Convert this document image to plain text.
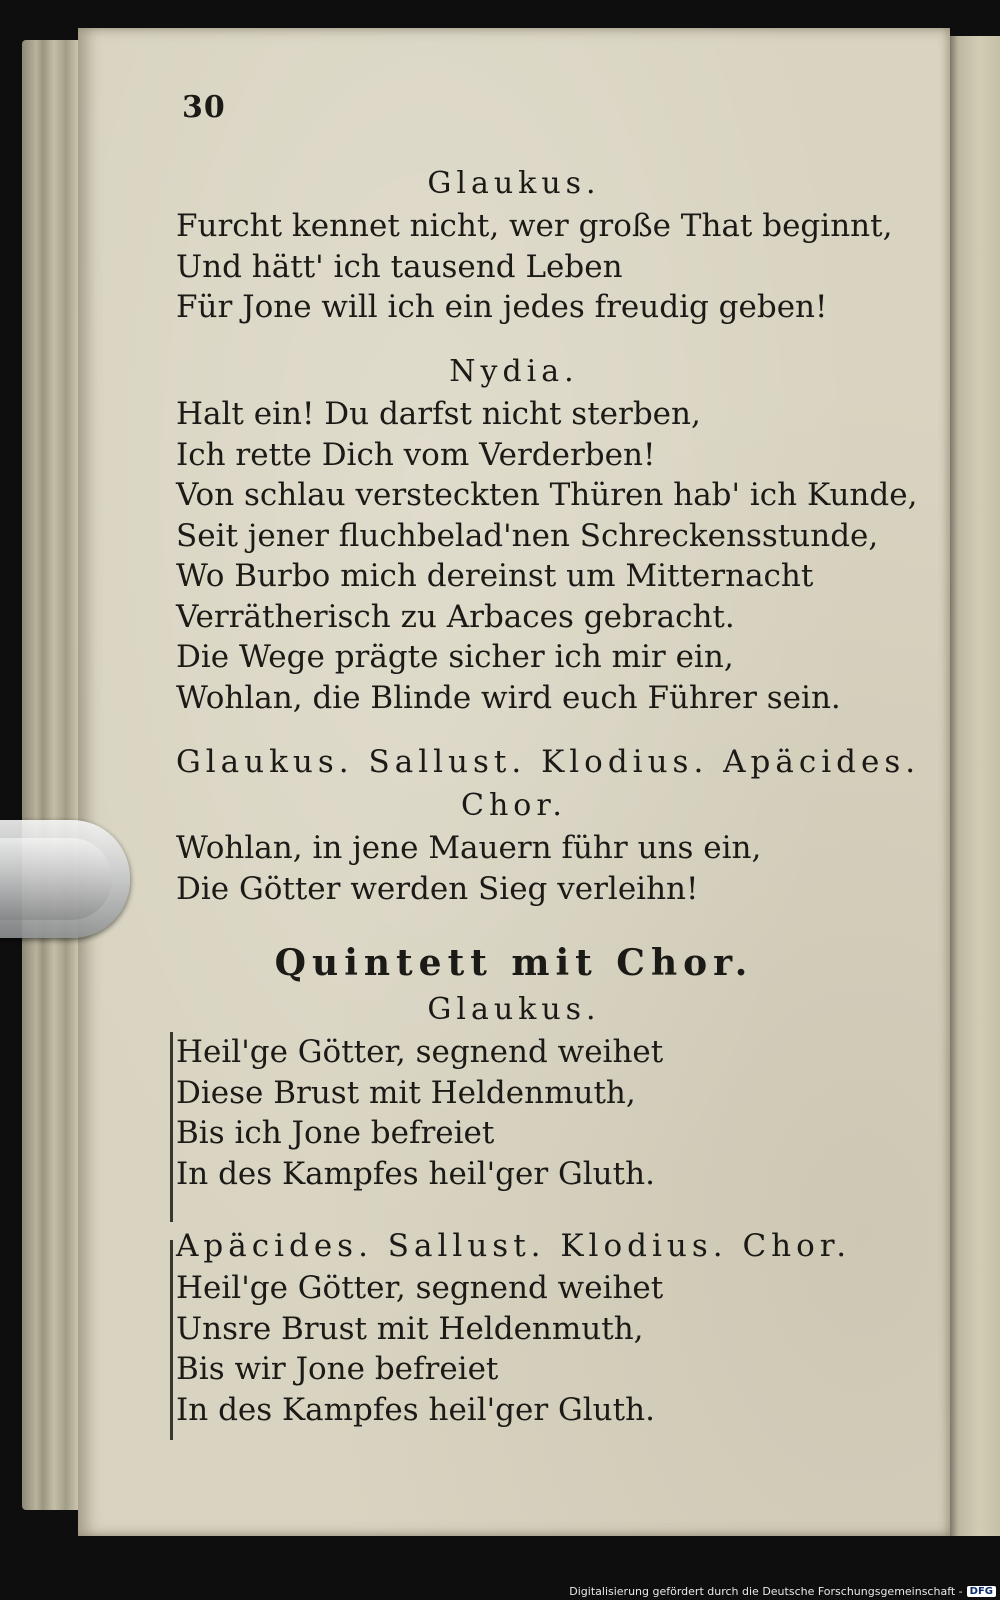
30
Glaukus.
Furcht kennet nicht, wer große That beginnt,
Und hätt' ich tausend Leben
Für Jone will ich ein jedes freudig geben!
Nydia.
Halt ein! Du darfst nicht sterben,
Ich rette Dich vom Verderben!
Von schlau versteckten Thüren hab' ich Kunde,
Seit jener fluchbelad'nen Schreckensstunde,
Wo Burbo mich dereinst um Mitternacht
Verrätherisch zu Arbaces gebracht.
Die Wege prägte sicher ich mir ein,
Wohlan, die Blinde wird euch Führer sein.
Glaukus. Sallust. Klodius. Apäcides.
Chor.
Wohlan, in jene Mauern führ uns ein,
Die Götter werden Sieg verleihn!
Quintett mit Chor.
Glaukus.
Heil'ge Götter, segnend weihet
Diese Brust mit Heldenmuth,
Bis ich Jone befreiet
In des Kampfes heil'ger Gluth.
Apäcides. Sallust. Klodius. Chor.
Heil'ge Götter, segnend weihet
Unsre Brust mit Heldenmuth,
Bis wir Jone befreiet
In des Kampfes heil'ger Gluth.
Digitalisierung gefördert durch die Deutsche Forschungsgemeinschaft - DFG
